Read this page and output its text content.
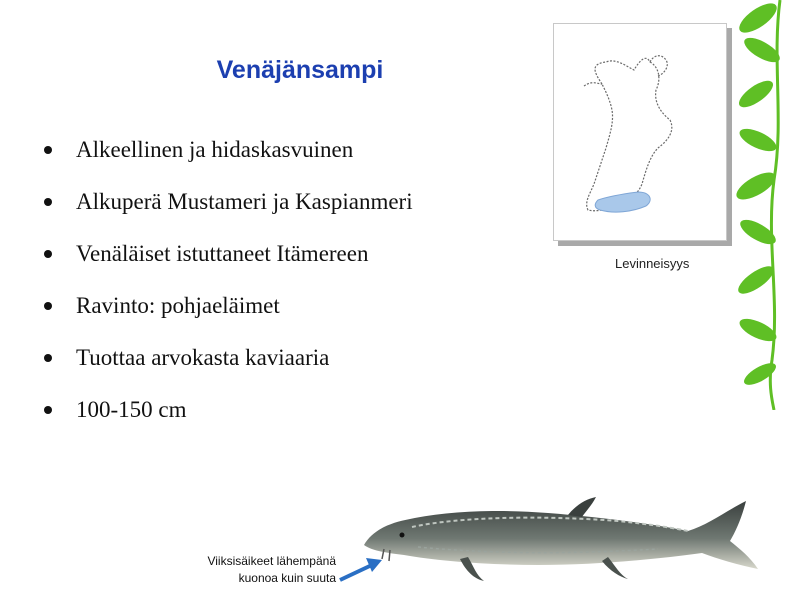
Venäjänsampi
Alkeellinen ja hidaskasvuinen
Alkuperä Mustameri ja Kaspianmeri
Venäläiset istuttaneet Itämereen
Ravinto: pohjaeläimet
Tuottaa arvokasta kaviaaria
100-150 cm
Levinneisyys
Viiksisäikeet lähempänä
kuonoa kuin suuta
